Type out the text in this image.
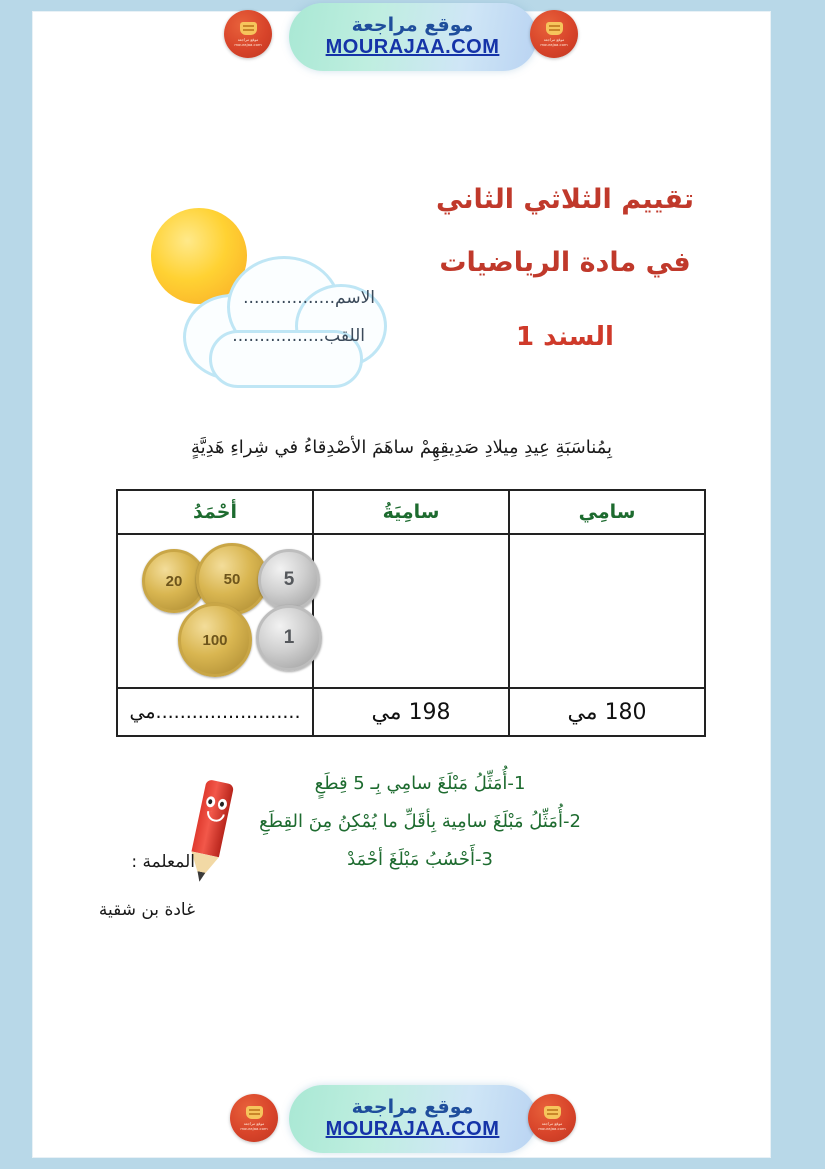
الاسم.................
اللقب.................
تقييم الثلاثي الثاني
في مادة الرياضيات
السند 1
بِمُناسَبَةِ عِيدِ مِيلادِ صَدِيقِهِمْ ساهَمَ الأصْدِقاءُ في شِراءِ هَدِيَّةٍ
سامِي	سامِيَةُ	أحْمَدُ

20 50 5
100 1

180 مي	198 مي	........................مي
1-أُمَثِّلُ مَبْلَغَ سامِي بِـ 5 قِطَعٍ
2-أُمَثِّلُ مَبْلَغَ سامِية بِأقَلِّ ما يُمْكِنُ مِنَ القِطَعِ
3-أَحْسُبُ مَبْلَغَ أحْمَدْ
المعلمة :
غادة بن شقية
موقع مراجعة mourajaa.com
موقع مراجعة
MOURAJAA.COM	موقع مراجعة mourajaa.com
موقع مراجعة mourajaa.com
موقع مراجعة
MOURAJAA.COM	موقع مراجعة mourajaa.com
